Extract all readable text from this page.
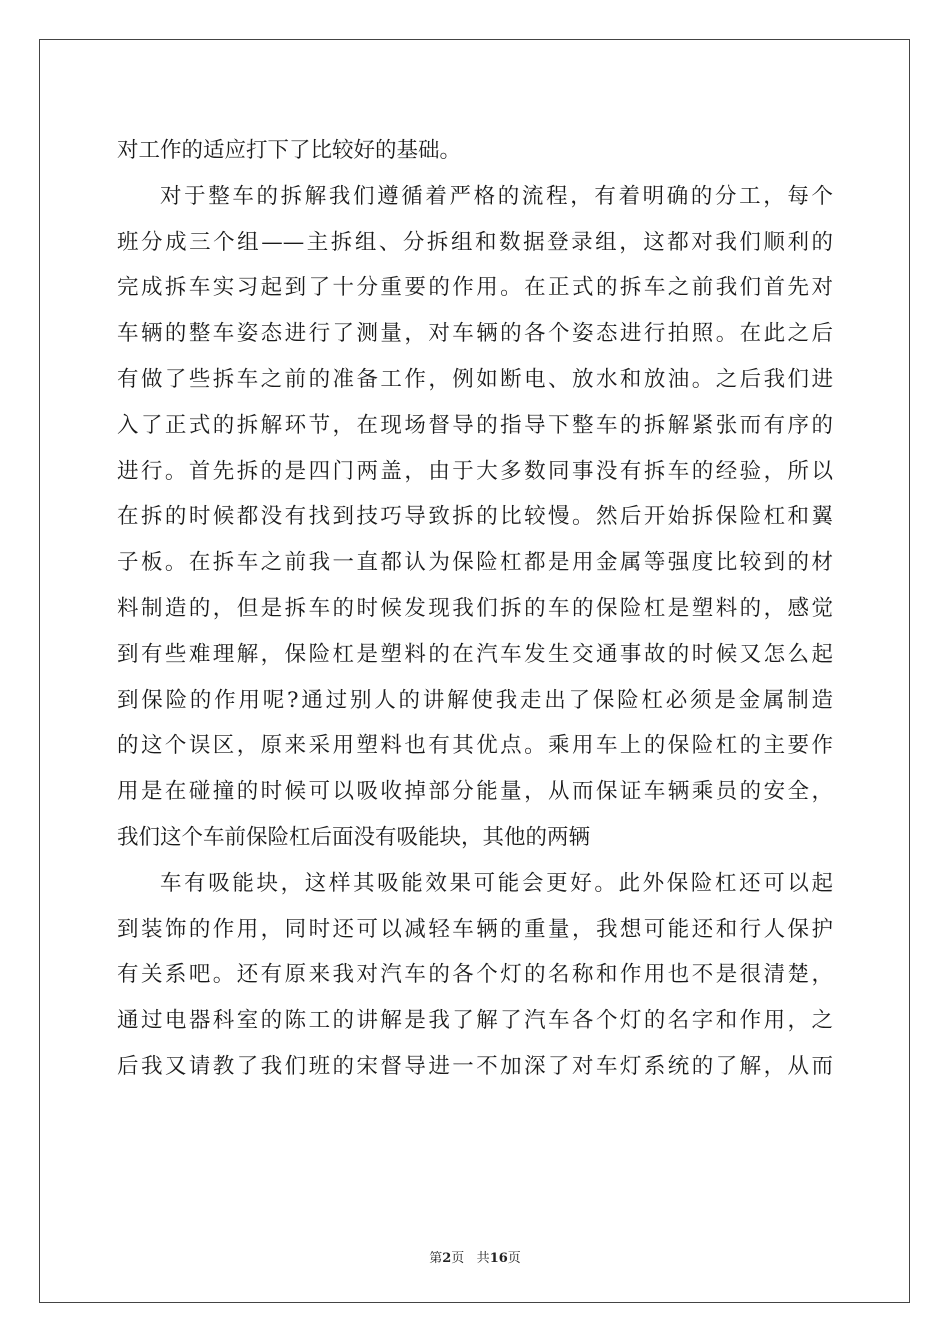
对工作的适应打下了比较好的基础。
对于整车的拆解我们遵循着严格的流程，有着明确的分工，每个
班分成三个组——主拆组、分拆组和数据登录组，这都对我们顺利的
完成拆车实习起到了十分重要的作用。在正式的拆车之前我们首先对
车辆的整车姿态进行了测量，对车辆的各个姿态进行拍照。在此之后
有做了些拆车之前的准备工作，例如断电、放水和放油。之后我们进
入了正式的拆解环节，在现场督导的指导下整车的拆解紧张而有序的
进行。首先拆的是四门两盖，由于大多数同事没有拆车的经验，所以
在拆的时候都没有找到技巧导致拆的比较慢。然后开始拆保险杠和翼
子板。在拆车之前我一直都认为保险杠都是用金属等强度比较到的材
料制造的，但是拆车的时候发现我们拆的车的保险杠是塑料的，感觉
到有些难理解，保险杠是塑料的在汽车发生交通事故的时候又怎么起
到保险的作用呢?通过别人的讲解使我走出了保险杠必须是金属制造
的这个误区，原来采用塑料也有其优点。乘用车上的保险杠的主要作
用是在碰撞的时候可以吸收掉部分能量，从而保证车辆乘员的安全，
我们这个车前保险杠后面没有吸能块，其他的两辆
车有吸能块，这样其吸能效果可能会更好。此外保险杠还可以起
到装饰的作用，同时还可以减轻车辆的重量，我想可能还和行人保护
有关系吧。还有原来我对汽车的各个灯的名称和作用也不是很清楚，
通过电器科室的陈工的讲解是我了解了汽车各个灯的名字和作用，之
后我又请教了我们班的宋督导进一不加深了对车灯系统的了解，从而
第2页 共16页
